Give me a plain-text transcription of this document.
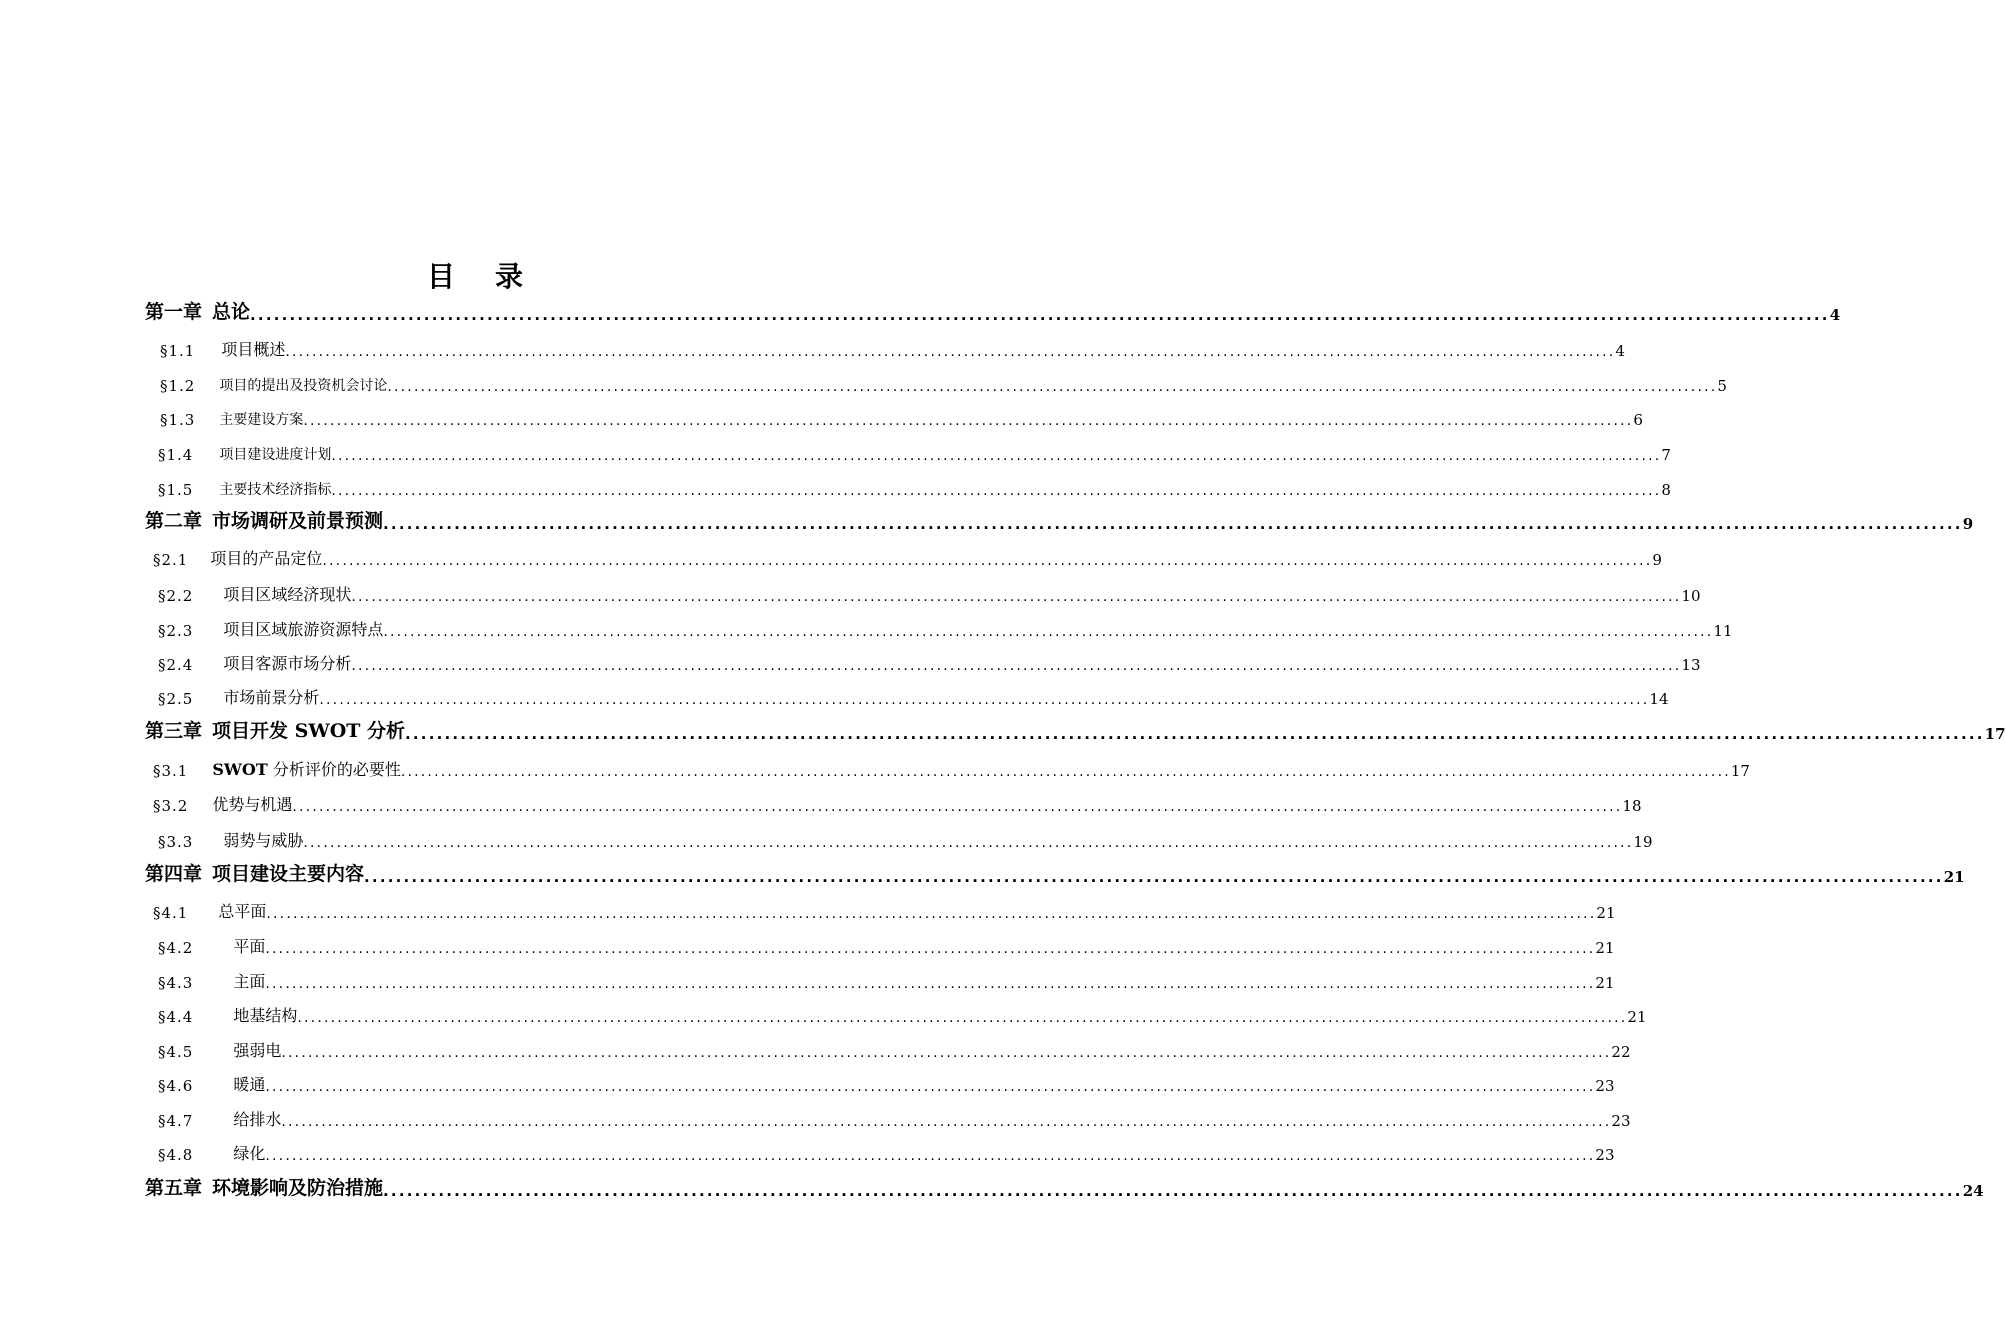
目 录
第一章 总论 ........................................................................................................................................................................................................ 4
§1.1 项目概述 ........................................................................................................................................................................................................ 4
§1.2 项目的提出及投资机会讨论 ........................................................................................................................................................................................................ 5
§1.3 主要建设方案 ........................................................................................................................................................................................................ 6
§1.4 项目建设进度计划 ........................................................................................................................................................................................................ 7
§1.5 主要技术经济指标 ........................................................................................................................................................................................................ 8
第二章 市场调研及前景预测 ........................................................................................................................................................................................................ 9
§2.1 项目的产品定位 ........................................................................................................................................................................................................ 9
§2.2 项目区域经济现状 ........................................................................................................................................................................................................ 10
§2.3 项目区域旅游资源特点 ........................................................................................................................................................................................................ 11
§2.4 项目客源市场分析 ........................................................................................................................................................................................................ 13
§2.5 市场前景分析 ........................................................................................................................................................................................................ 14
第三章 项目开发 SWOT 分析 ........................................................................................................................................................................................................ 17
§3.1 SWOT 分析评价的必要性 ........................................................................................................................................................................................................ 17
§3.2 优势与机遇 ........................................................................................................................................................................................................ 18
§3.3 弱势与威胁 ........................................................................................................................................................................................................ 19
第四章 项目建设主要内容 ........................................................................................................................................................................................................ 21
§4.1 总平面 ........................................................................................................................................................................................................ 21
§4.2	平面 ........................................................................................................................................................................................................ 21
§4.3	主面 ........................................................................................................................................................................................................ 21
§4.4	地基结构 ........................................................................................................................................................................................................ 21
§4.5	强弱电 ........................................................................................................................................................................................................ 22
§4.6	暖通 ........................................................................................................................................................................................................ 23
§4.7	给排水 ........................................................................................................................................................................................................ 23
§4.8	绿化 ........................................................................................................................................................................................................ 23
第五章 环境影响及防治措施 ........................................................................................................................................................................................................ 24
